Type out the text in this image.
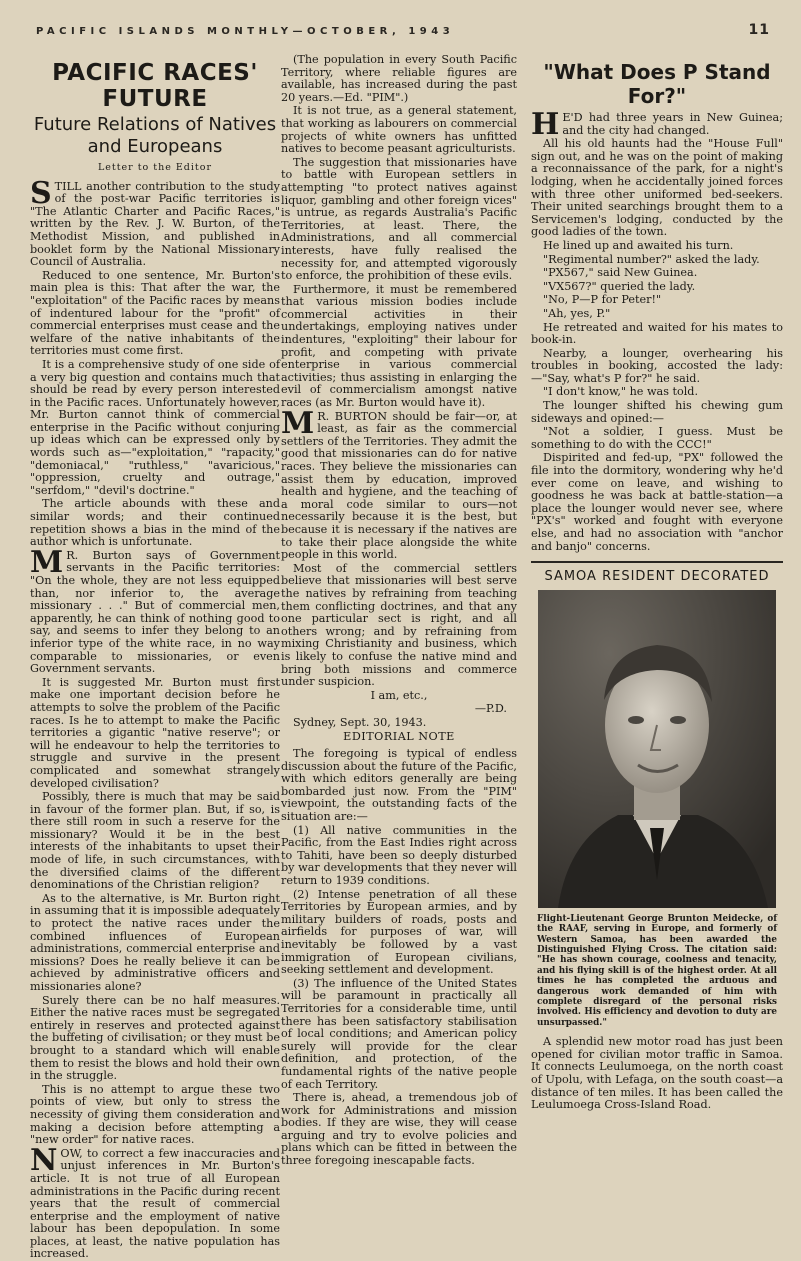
PACIFIC ISLANDS MONTHLY—OCTOBER, 1943	11
PACIFIC RACES'
FUTURE
Future Relations of Natives and Europeans
Letter to the Editor

STILL another contribution to the study of the post-war Pacific territories is "The Atlantic Charter and Pacific Races," written by the Rev. J. W. Burton, of the Methodist Mission, and published in booklet form by the National Missionary Council of Australia.

Reduced to one sentence, Mr. Burton's main plea is this: That after the war, the "exploitation" of the Pacific races by means of indentured labour for the "profit" of commercial enterprises must cease and the welfare of the native inhabitants of the territories must come first.

It is a comprehensive study of one side of a very big question and contains much that should be read by every person interested in the Pacific races. Unfortunately however, Mr. Burton cannot think of commercial enterprise in the Pacific without conjuring up ideas which can be expressed only by words such as—"exploitation," "rapacity," "demoniacal," "ruthless," "avaricious," "oppression, cruelty and outrage," "serfdom," "devil's doctrine."

The article abounds with these and similar words; and their continued repetition shows a bias in the mind of the author which is unfortunate.

M R. Burton says of Government servants in the Pacific territories: "On the whole, they are not less equipped than, nor inferior to, the average missionary . . ." But of commercial men, apparently, he can think of nothing good to say, and seems to infer they belong to an inferior type of the white race, in no way comparable to missionaries, or even Government servants.

It is suggested Mr. Burton must first make one important decision before he attempts to solve the problem of the Pacific races. Is he to attempt to make the Pacific territories a gigantic "native reserve"; or will he endeavour to help the territories to struggle and survive in the present complicated and somewhat strangely developed civilisation?

Possibly, there is much that may be said in favour of the former plan. But, if so, is there still room in such a reserve for the missionary? Would it be in the best interests of the inhabitants to upset their mode of life, in such circumstances, with the diversified claims of the different denominations of the Christian religion?

As to the alternative, is Mr. Burton right in assuming that it is impossible adequately to protect the native races under the combined influences of European administrations, commercial enterprise and missions? Does he really believe it can be achieved by administrative officers and missionaries alone?

Surely there can be no half measures. Either the native races must be segregated entirely in reserves and protected against the buffeting of civilisation; or they must be brought to a standard which will enable them to resist the blows and hold their own in the struggle.

This is no attempt to argue these two points of view, but only to stress the necessity of giving them consideration and making a decision before attempting a "new order" for native races.

NOW, to correct a few inaccuracies and unjust inferences in Mr. Burton's article. It is not true of all European administrations in the Pacific during recent years that the result of commercial enterprise and the employment of native labour has been depopulation. In some places, at least, the native population has increased.

(The population in every South Pacific Territory, where reliable figures are available, has increased during the past 20 years.—Ed. "PIM".)

It is not true, as a general statement, that working as labourers on commercial projects of white owners has unfitted natives to become peasant agriculturists.

The suggestion that missionaries have to battle with European settlers in attempting "to protect natives against liquor, gambling and other foreign vices" is untrue, as regards Australia's Pacific Territories, at least. There, the Administrations, and all commercial interests, have fully realised the necessity for, and attempted vigorously to enforce, the prohibition of these evils.

Furthermore, it must be remembered that various mission bodies include commercial activities in their undertakings, employing natives under indentures, "exploiting" their labour for profit, and competing with private enterprise in various commercial activities; thus assisting in enlarging the evil of commercialism amongst native races (as Mr. Burton would have it).

M R. BURTON should be fair—or, at least, as fair as the commercial settlers of the Territories. They admit the good that missionaries can do for native races. They believe the missionaries can assist them by education, improved health and hygiene, and the teaching of a moral code similar to ours—not necessarily because it is the best, but because it is necessary if the natives are to take their place alongside the white people in this world.

Most of the commercial settlers believe that missionaries will best serve the natives by refraining from teaching them conflicting doctrines, and that any one particular sect is right, and all others wrong; and by refraining from mixing Christianity and business, which is likely to confuse the native mind and bring both missions and commerce under suspicion.

I am, etc.,

—P.D.

Sydney, Sept. 30, 1943.

EDITORIAL NOTE

The foregoing is typical of endless discussion about the future of the Pacific, with which editors generally are being bombarded just now. From the "PIM" viewpoint, the outstanding facts of the situation are:—

(1) All native communities in the Pacific, from the East Indies right across to Tahiti, have been so deeply disturbed by war developments that they never will return to 1939 conditions.

(2) Intense penetration of all these Territories by European armies, and by military builders of roads, posts and airfields for purposes of war, will inevitably be followed by a vast immigration of European civilians, seeking settlement and development.

(3) The influence of the United States will be paramount in practically all Territories for a considerable time, until there has been satisfactory stabilisation of local conditions; and American policy surely will provide for the clear definition, and protection, of the fundamental rights of the native people of each Territory.

There is, ahead, a tremendous job of work for Administrations and mission bodies. If they are wise, they will cease arguing and try to evolve policies and plans which can be fitted in between the three foregoing inescapable facts.

"What Does P Stand For?"

H E'D had three years in New Guinea; and the city had changed.

All his old haunts had the "House Full" sign out, and he was on the point of making a reconnaissance of the park, for a night's lodging, when he accidentally joined forces with three other uniformed bed-seekers. Their united searchings brought them to a Servicemen's lodging, conducted by the good ladies of the town.

He lined up and awaited his turn.

"Regimental number?" asked the lady.

"PX567," said New Guinea.

"VX567?" queried the lady.

"No, P—P for Peter!"

"Ah, yes, P."

He retreated and waited for his mates to book-in.

Nearby, a lounger, overhearing his troubles in booking, accosted the lady:—"Say, what's P for?" he said.

"I don't know," he was told.

The lounger shifted his chewing gum sideways and opined:—

"Not a soldier, I guess. Must be something to do with the CCC!"

Dispirited and fed-up, "PX" followed the file into the dormitory, wondering why he'd ever come on leave, and wishing to goodness he was back at battle-station—a place the lounger would never see, where "PX's" worked and fought with everyone else, and had no association with "anchor and banjo" concerns.

SAMOA RESIDENT DECORATED
Flight-Lieutenant George Brunton Meidecke, of the RAAF, serving in Europe, and formerly of Western Samoa, has been awarded the Distinguished Flying Cross. The citation said: "He has shown courage, coolness and tenacity, and his flying skill is of the highest order. At all times he has completed the arduous and dangerous work demanded of him with complete disregard of the personal risks involved. His efficiency and devotion to duty are unsurpassed."

A splendid new motor road has just been opened for civilian motor traffic in Samoa. It connects Leulumoega, on the north coast of Upolu, with Lefaga, on the south coast—a distance of ten miles. It has been called the Leulumoega Cross-Island Road.
